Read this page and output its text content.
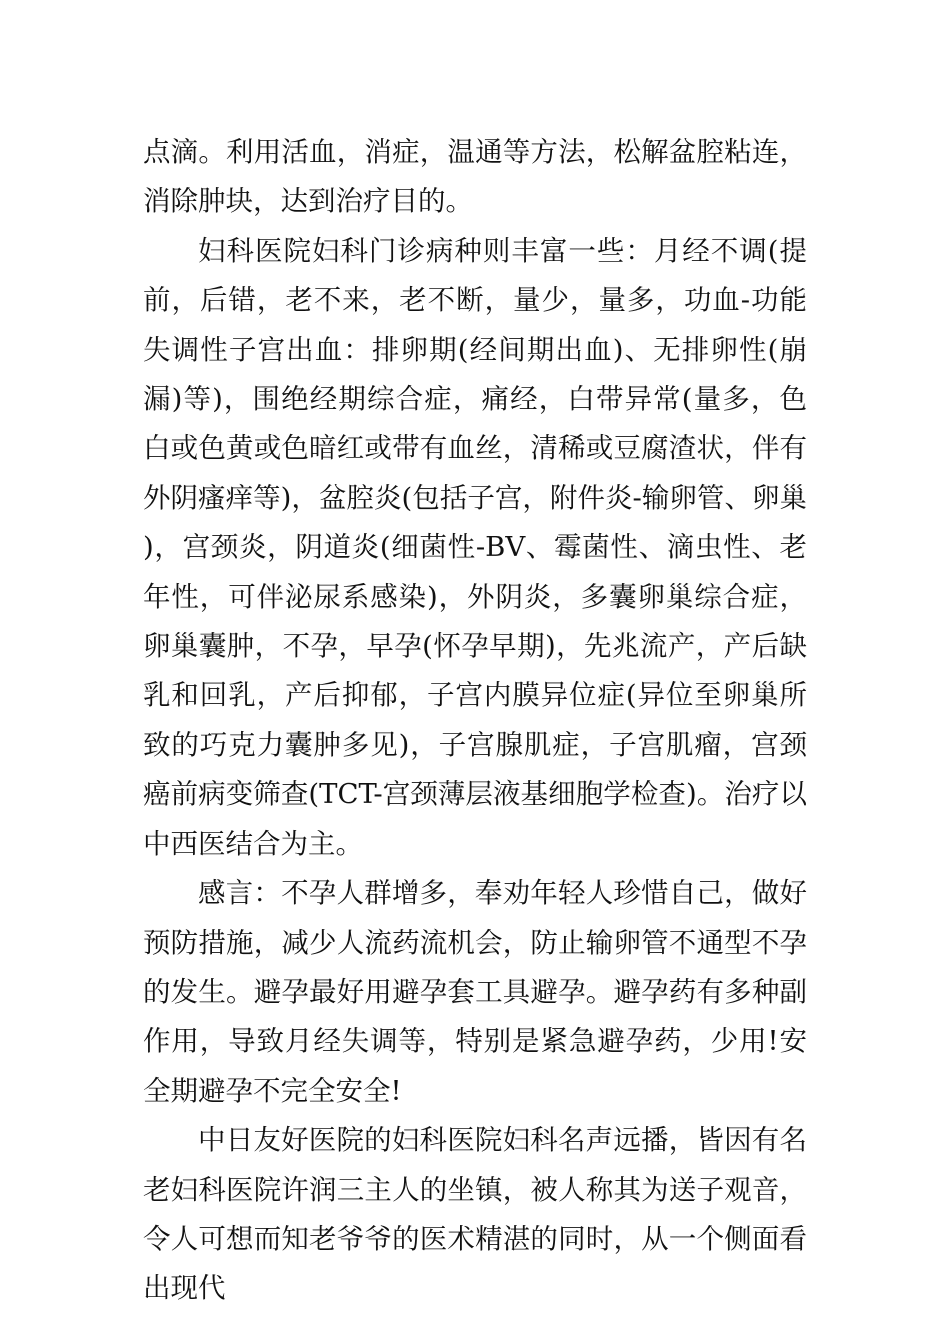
点滴。利用活血，消症，温通等方法，松解盆腔粘连，消除肿块，达到治疗目的。

妇科医院妇科门诊病种则丰富一些：月经不调(提前，后错，老不来，老不断，量少，量多，功血-功能失调性子宫出血：排卵期(经间期出血)、无排卵性(崩漏)等)，围绝经期综合症，痛经，白带异常(量多，色白或色黄或色暗红或带有血丝，清稀或豆腐渣状，伴有外阴瘙痒等)，盆腔炎(包括子宫，附件炎-输卵管、卵巢)，宫颈炎，阴道炎(细菌性-BV、霉菌性、滴虫性、老年性，可伴泌尿系感染)，外阴炎，多囊卵巢综合症，卵巢囊肿，不孕，早孕(怀孕早期)，先兆流产，产后缺乳和回乳，产后抑郁，子宫内膜异位症(异位至卵巢所致的巧克力囊肿多见)，子宫腺肌症，子宫肌瘤，宫颈癌前病变筛查(TCT-宫颈薄层液基细胞学检查)。治疗以中西医结合为主。

感言：不孕人群增多，奉劝年轻人珍惜自己，做好预防措施，减少人流药流机会，防止输卵管不通型不孕的发生。避孕最好用避孕套工具避孕。避孕药有多种副作用，导致月经失调等，特别是紧急避孕药，少用!安全期避孕不完全安全!

中日友好医院的妇科医院妇科名声远播，皆因有名老妇科医院许润三主人的坐镇，被人称其为送子观音，令人可想而知老爷爷的医术精湛的同时，从一个侧面看出现代
